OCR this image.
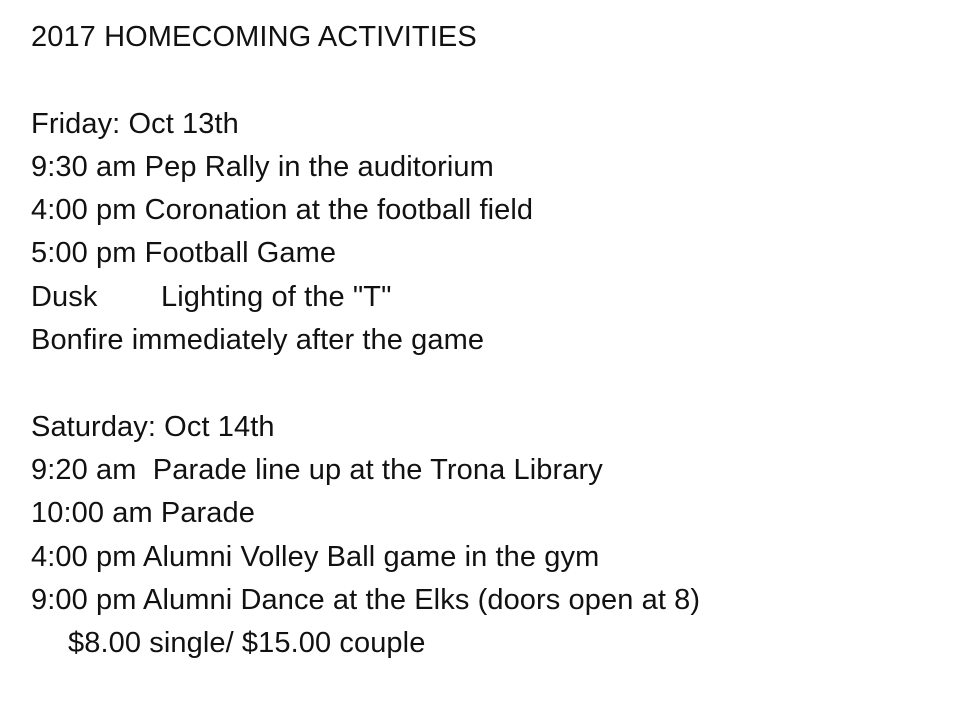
2017 HOMECOMING ACTIVITIES
Friday: Oct 13th
9:30 am Pep Rally in the auditorium
4:00 pm Coronation at the football field
5:00 pm Football Game
Dusk Lighting of the "T"
Bonfire immediately after the game
Saturday: Oct 14th
9:20 am  Parade line up at the Trona Library
10:00 am Parade
4:00 pm Alumni Volley Ball game in the gym
9:00 pm Alumni Dance at the Elks (doors open at 8)
$8.00 single/ $15.00 couple
